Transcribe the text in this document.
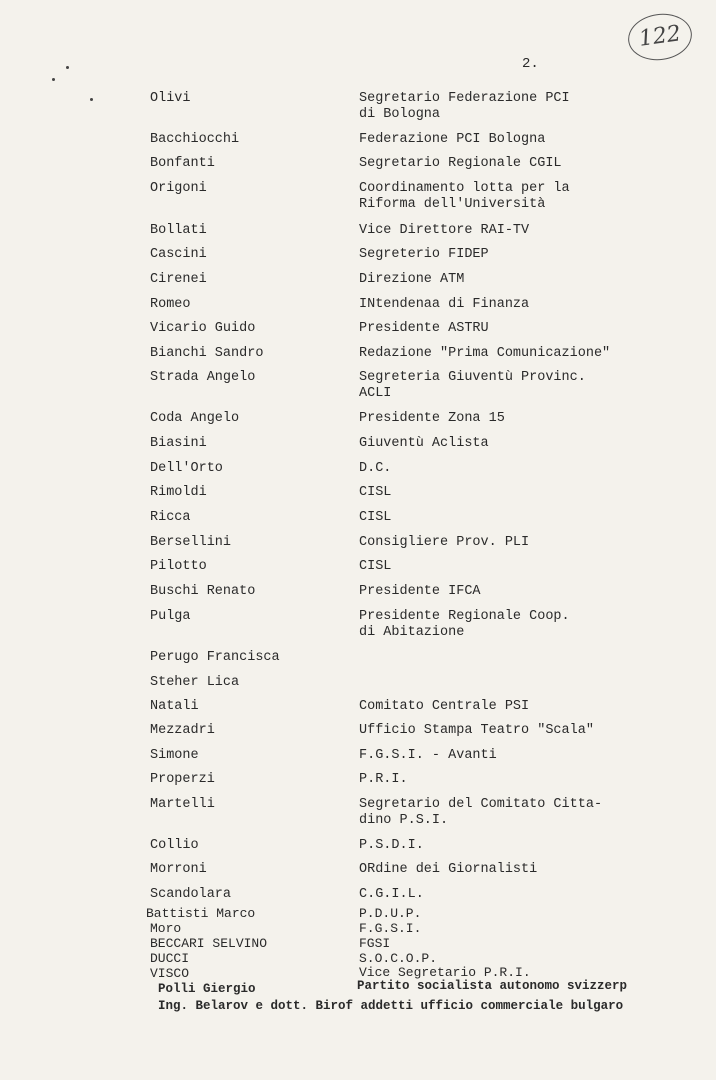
122
2.
Olivi	Segretario Federazione PCI
di Bologna
Bacchiocchi	Federazione PCI Bologna
Bonfanti	Segretario Regionale CGIL
Origoni	Coordinamento lotta per la
Riforma dell'Università
Bollati	Vice Direttore RAI-TV
Cascini	Segreterio FIDEP
Cirenei	Direzione ATM
Romeo	INtendenaa di Finanza
Vicario Guido	Presidente ASTRU
Bianchi Sandro	Redazione "Prima Comunicazione"
Strada Angelo	Segreteria Giuventù Provinc.
ACLI
Coda Angelo	Presidente Zona 15
Biasini	Giuventù Aclista
Dell'Orto	D.C.
Rimoldi	CISL
Ricca	CISL
Bersellini	Consigliere Prov. PLI
Pilotto	CISL
Buschi Renato	Presidente IFCA
Pulga	Presidente Regionale Coop.
di Abitazione
Perugo Francisca
Steher Lica
Natali	Comitato Centrale PSI
Mezzadri	Ufficio Stampa Teatro "Scala"
Simone	F.G.S.I. - Avanti
Properzi	P.R.I.
Martelli	Segretario del Comitato Citta-
dino P.S.I.
Collio	P.S.D.I.
Morroni	ORdine dei Giornalisti
Scandolara	C.G.I.L.
Battisti Marco	P.D.U.P.
Moro	F.G.S.I.
BECCARI SELVINO	FGSI
DUCCI	S.O.C.O.P.
VISCO	Vice Segretario P.R.I.
Polli Giergio	Partito socialista autonomo svizzerp
Ing. Belarov e dott. Birof addetti ufficio commerciale bulgaro
